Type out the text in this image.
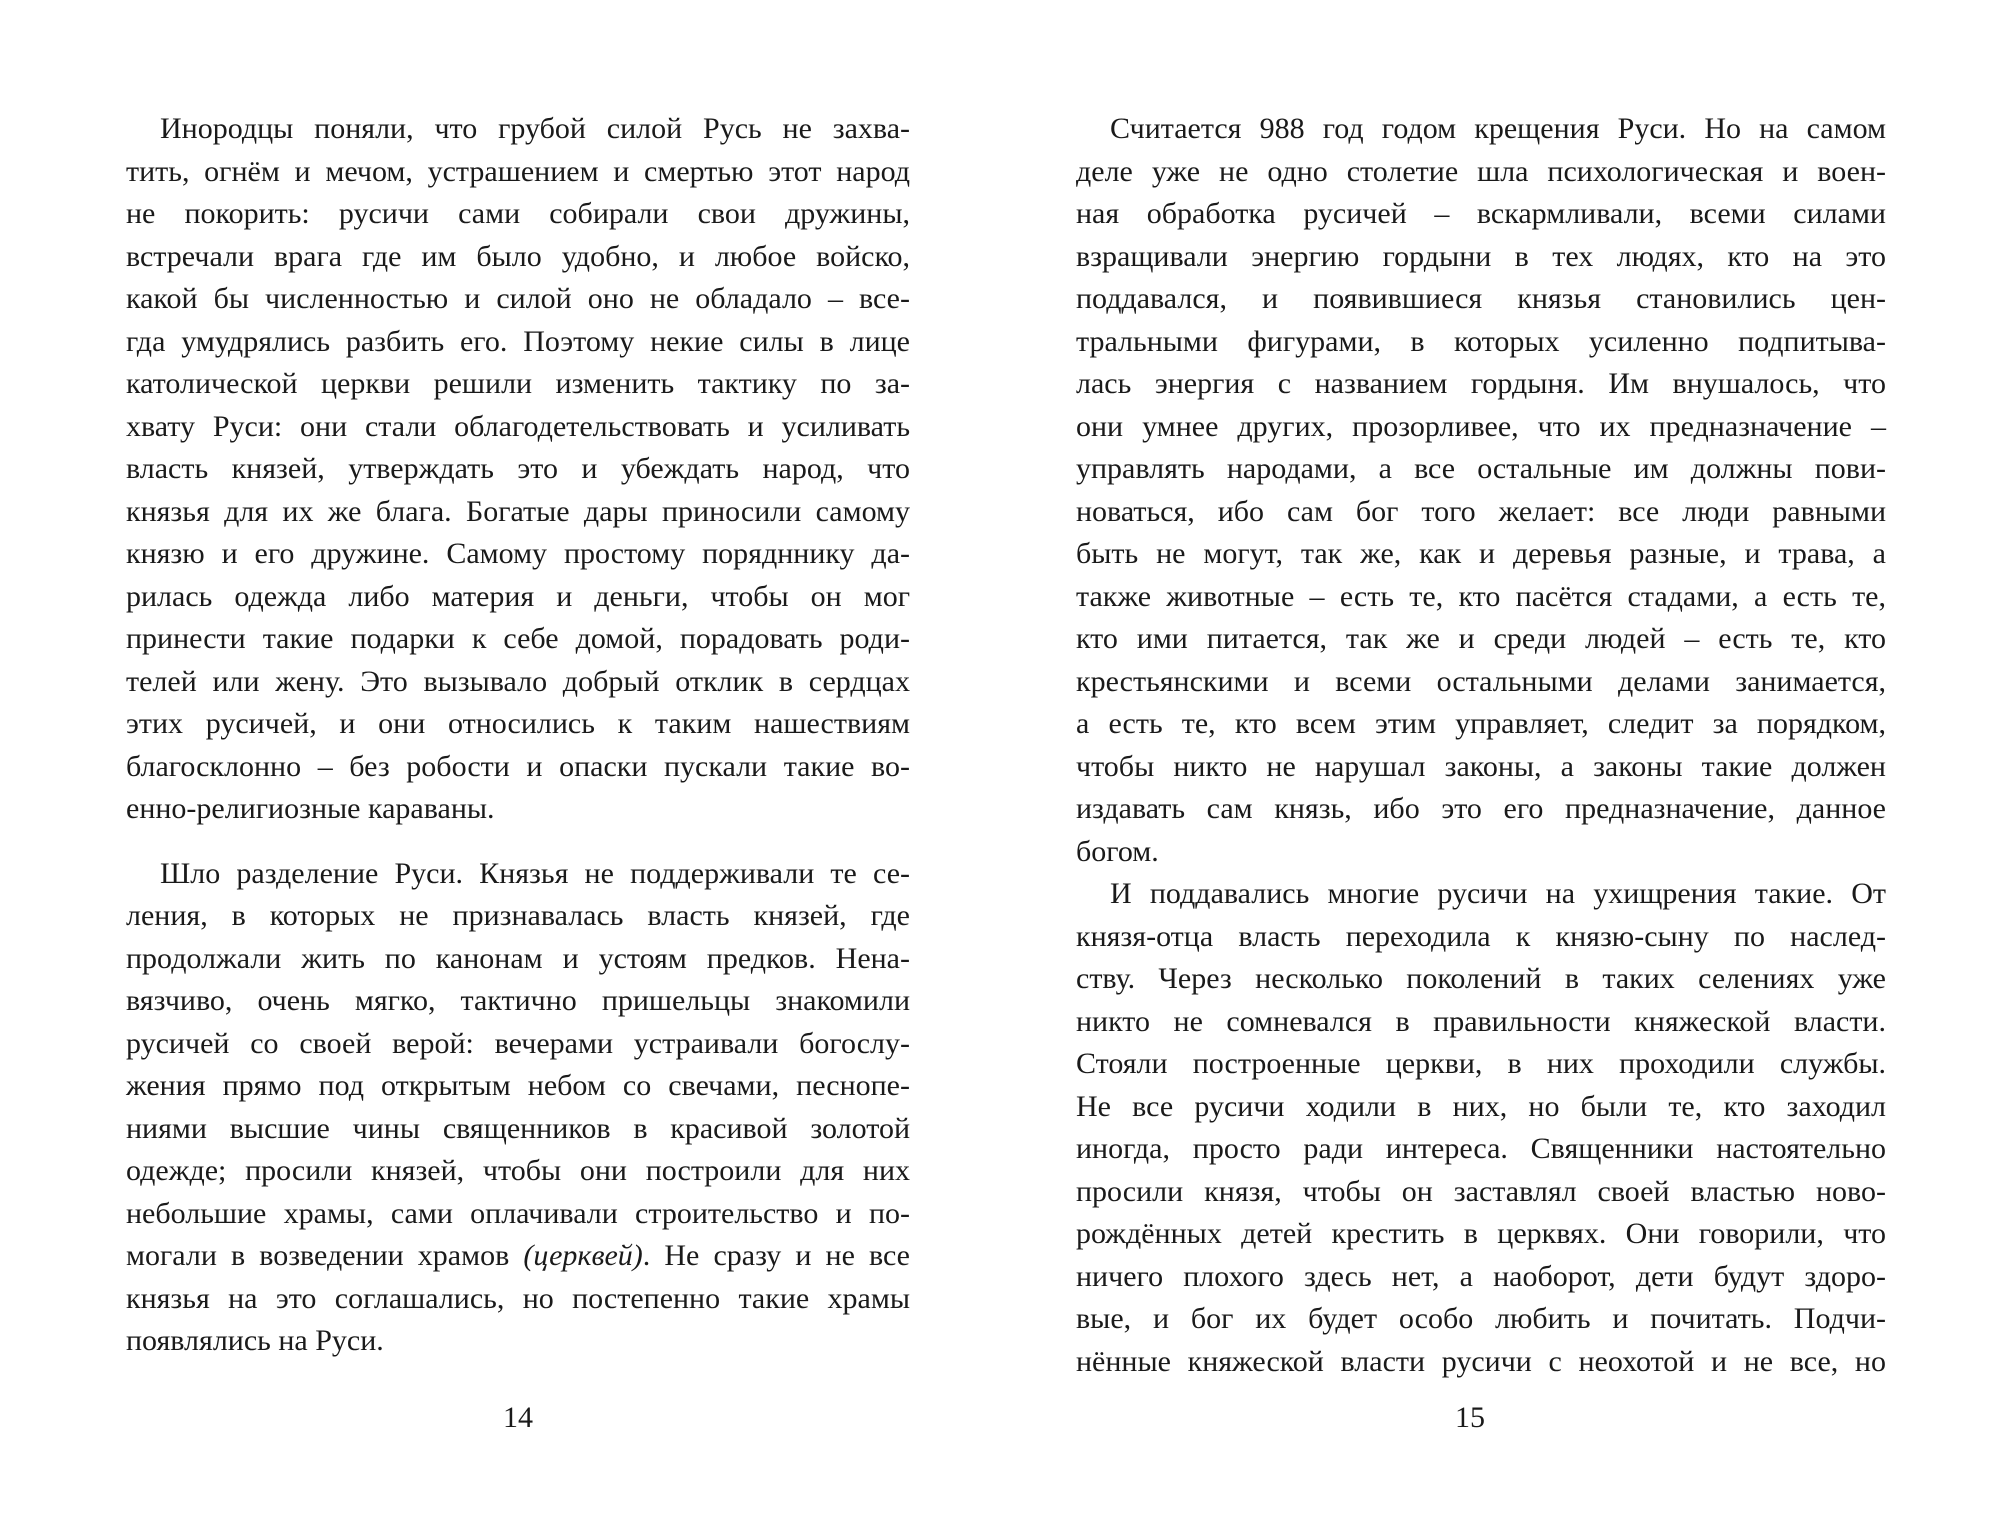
Инородцы поняли, что грубой силой Русь не захва-
тить, огнём и мечом, устрашением и смертью этот народ
не покорить: русичи сами собирали свои дружины,
встречали врага где им было удобно, и любое войско,
какой бы численностью и силой оно не обладало – все-
гда умудрялись разбить его. Поэтому некие силы в лице
католической церкви решили изменить тактику по за-
хвату Руси: они стали облагодетельствовать и усиливать
власть князей, утверждать это и убеждать народ, что
князья для их же блага. Богатые дары приносили самому
князю и его дружине. Самому простому порядннику да-
рилась одежда либо материя и деньги, чтобы он мог
принести такие подарки к себе домой, порадовать роди-
телей или жену. Это вызывало добрый отклик в сердцах
этих русичей, и они относились к таким нашествиям
благосклонно – без робости и опаски пускали такие во-
енно-религиозные караваны.
Шло разделение Руси. Князья не поддерживали те се-
ления, в которых не признавалась власть князей, где
продолжали жить по канонам и устоям предков. Нена-
вязчиво, очень мягко, тактично пришельцы знакомили
русичей со своей верой: вечерами устраивали богослу-
жения прямо под открытым небом со свечами, песнопе-
ниями высшие чины священников в красивой золотой
одежде; просили князей, чтобы они построили для них
небольшие храмы, сами оплачивали строительство и по-
могали в возведении храмов (церквей). Не сразу и не все
князья на это соглашались, но постепенно такие храмы
появлялись на Руси.
14
Считается 988 год годом крещения Руси. Но на самом
деле уже не одно столетие шла психологическая и воен-
ная обработка русичей – вскармливали, всеми силами
взращивали энергию гордыни в тех людях, кто на это
поддавался, и появившиеся князья становились цен-
тральными фигурами, в которых усиленно подпитыва-
лась энергия с названием гордыня. Им внушалось, что
они умнее других, прозорливее, что их предназначение –
управлять народами, а все остальные им должны пови-
новаться, ибо сам бог того желает: все люди равными
быть не могут, так же, как и деревья разные, и трава, а
также животные – есть те, кто пасётся стадами, а есть те,
кто ими питается, так же и среди людей – есть те, кто
крестьянскими и всеми остальными делами занимается,
а есть те, кто всем этим управляет, следит за порядком,
чтобы никто не нарушал законы, а законы такие должен
издавать сам князь, ибо это его предназначение, данное
богом.
И поддавались многие русичи на ухищрения такие. От
князя-отца власть переходила к князю-сыну по наслед-
ству. Через несколько поколений в таких селениях уже
никто не сомневался в правильности княжеской власти.
Стояли построенные церкви, в них проходили службы.
Не все русичи ходили в них, но были те, кто заходил
иногда, просто ради интереса. Священники настоятельно
просили князя, чтобы он заставлял своей властью ново-
рождённых детей крестить в церквях. Они говорили, что
ничего плохого здесь нет, а наоборот, дети будут здоро-
вые, и бог их будет особо любить и почитать. Подчи-
нённые княжеской власти русичи с неохотой и не все, но
15
